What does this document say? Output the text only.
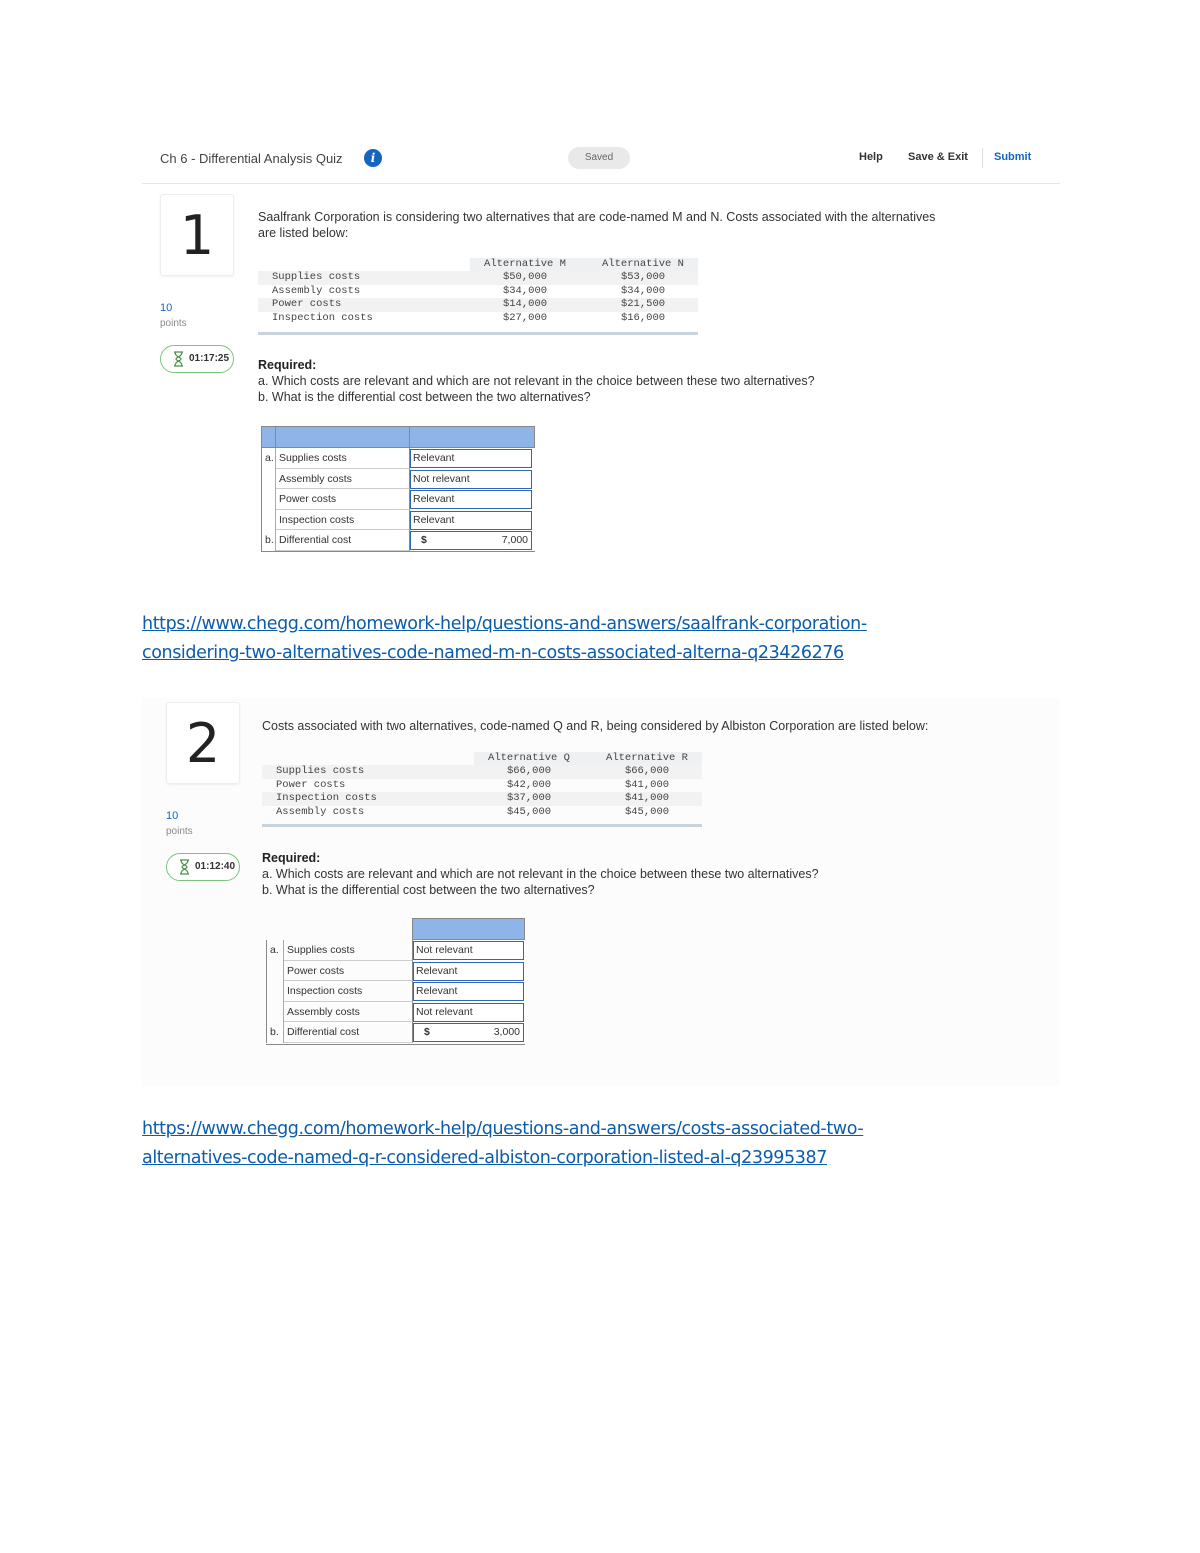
Ch 6 - Differential Analysis Quiz	i	Saved	Help Save & Exit Submit
1
10
points
01:17:25
Saalfrank Corporation is considering two alternatives that are code-named M and N. Costs associated with the alternatives
are listed below:
Alternative M	Alternative N
Supplies costs	$50,000	$53,000
Assembly costs	$34,000	$34,000
Power costs	$14,000	$21,500
Inspection costs	$27,000	$16,000
Required:
a. Which costs are relevant and which are not relevant in the choice between these two alternatives?
b. What is the differential cost between the two alternatives?
a. Supplies costs	Relevant
Assembly costs	Not relevant
Power costs	Relevant
Inspection costs	Relevant
b. Differential cost	$	7,000
https://www.chegg.com/homework-help/questions-and-answers/saalfrank-corporation-
considering-two-alternatives-code-named-m-n-costs-associated-alterna-q23426276
2
10
points
01:12:40
Costs associated with two alternatives, code-named Q and R, being considered by Albiston Corporation are listed below:
Alternative Q	Alternative R
Supplies costs	$66,000	$66,000
Power costs	$42,000	$41,000
Inspection costs	$37,000	$41,000
Assembly costs	$45,000	$45,000
Required:
a. Which costs are relevant and which are not relevant in the choice between these two alternatives?
b. What is the differential cost between the two alternatives?
a. Supplies costs	Not relevant
Power costs	Relevant
Inspection costs	Relevant
Assembly costs	Not relevant
b. Differential cost	$	3,000
https://www.chegg.com/homework-help/questions-and-answers/costs-associated-two-
alternatives-code-named-q-r-considered-albiston-corporation-listed-al-q23995387
